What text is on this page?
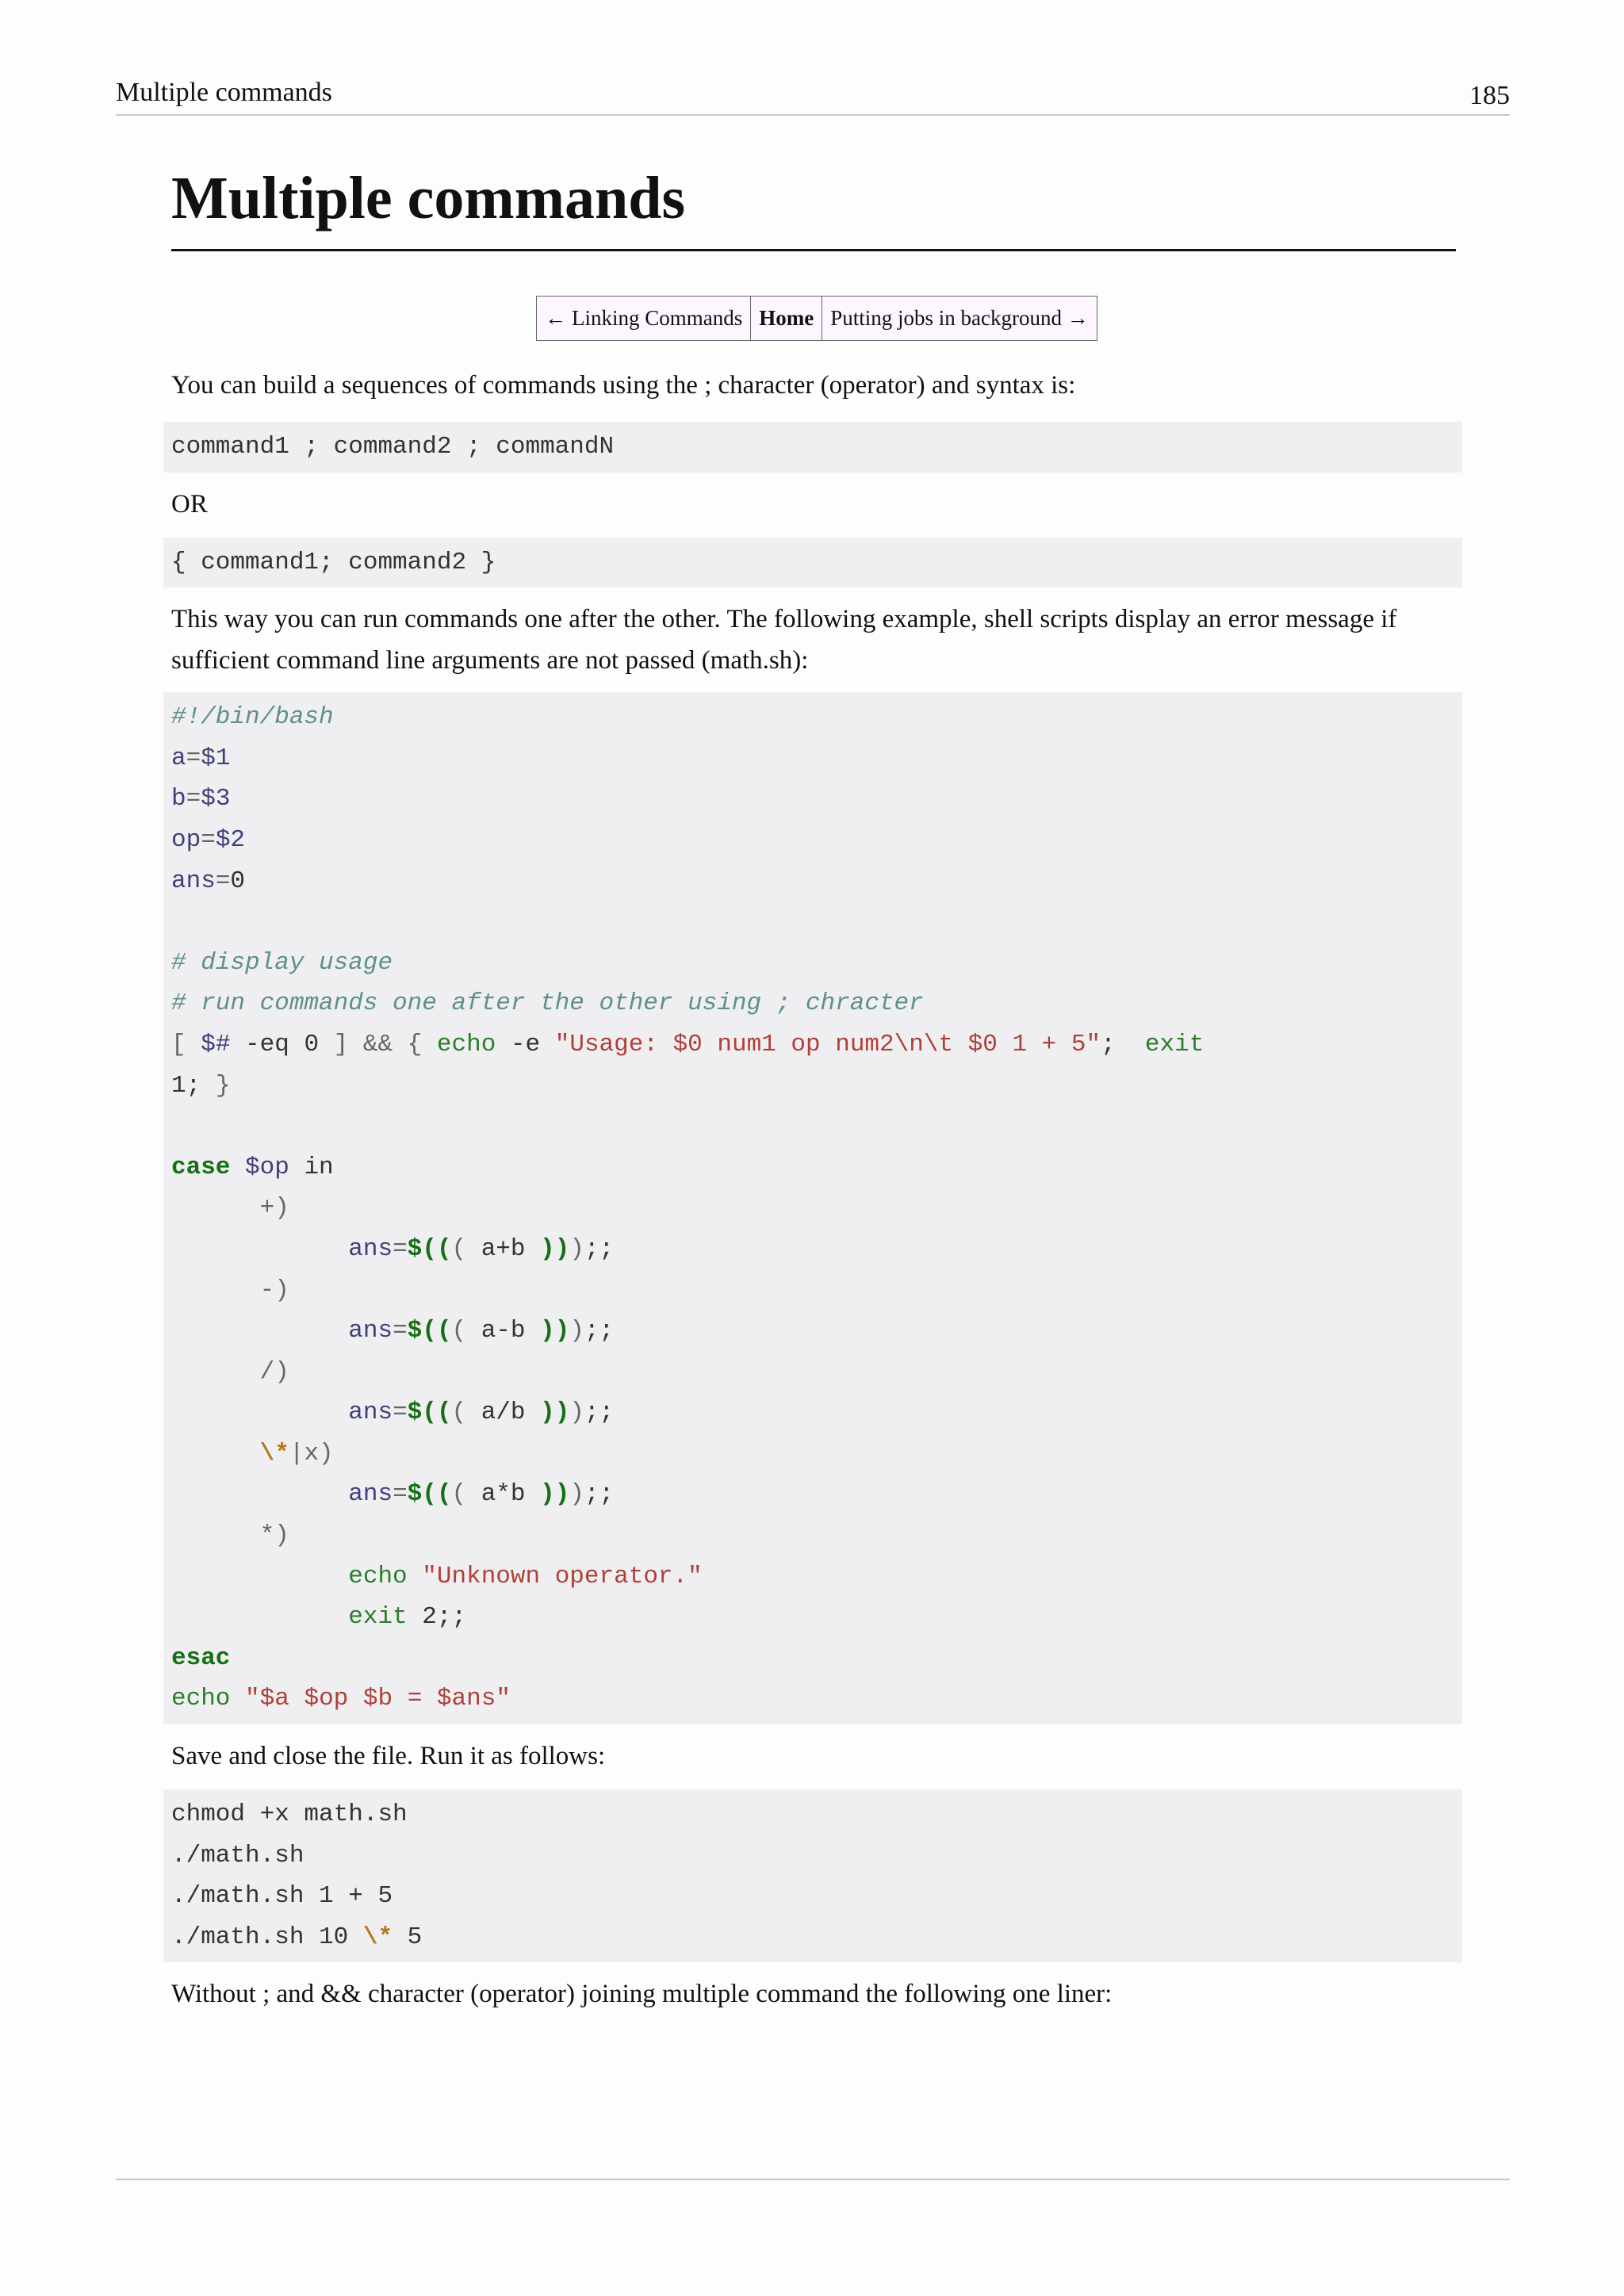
Multiple commands	185
Multiple commands
← Linking Commands	Home	Putting jobs in background →

You can build a sequences of commands using the ; character (operator) and syntax is:

command1 ; command2 ; commandN

OR

{ command1; command2 }

This way you can run commands one after the other. The following example, shell scripts display an error message if sufficient command line arguments are not passed (math.sh):

#!/bin/bash
a=$1
b=$3
op=$2
ans=0

# display usage
# run commands one after the other using ; chracter
[ $# -eq 0 ] && { echo -e "Usage: $0 num1 op num2\n\t $0 1 + 5";  exit
1; }

case $op in
+)
ans=$((( a+b )));;
-)
ans=$((( a-b )));;
/)
ans=$((( a/b )));;
\*|x)
ans=$((( a*b )));;
*)
echo "Unknown operator."
exit 2;;
esac
echo "$a $op $b = $ans"

Save and close the file. Run it as follows:

chmod +x math.sh
./math.sh
./math.sh 1 + 5
./math.sh 10 \* 5

Without ; and && character (operator) joining multiple command the following one liner:
